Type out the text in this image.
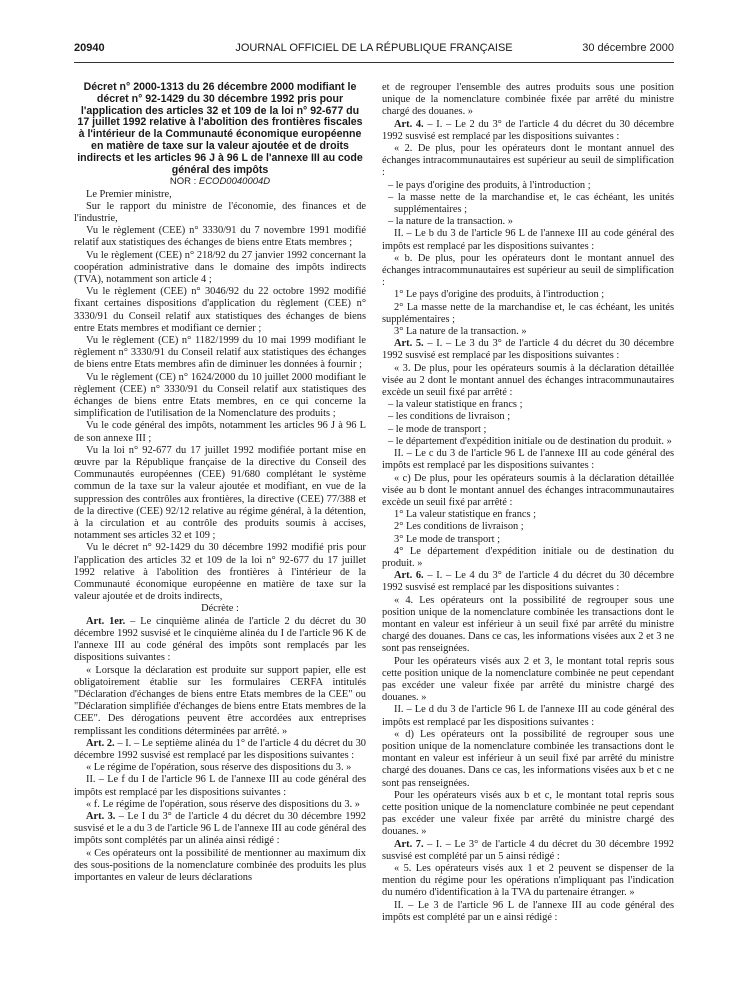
20940	JOURNAL OFFICIEL DE LA RÉPUBLIQUE FRANÇAISE	30 décembre 2000

Décret n° 2000-1313 du 26 décembre 2000 modifiant le décret n° 92-1429 du 30 décembre 1992 pris pour l'application des articles 32 et 109 de la loi n° 92-677 du 17 juillet 1992 relative à l'abolition des frontières fiscales à l'intérieur de la Communauté économique européenne en matière de taxe sur la valeur ajoutée et de droits indirects et les articles 96 J à 96 L de l'annexe III au code général des impôts

NOR : ECOD0040004D

Le Premier ministre,

Sur le rapport du ministre de l'économie, des finances et de l'industrie,

Vu le règlement (CEE) n° 3330/91 du 7 novembre 1991 modifié relatif aux statistiques des échanges de biens entre Etats membres ;

Vu le règlement (CEE) n° 218/92 du 27 janvier 1992 concernant la coopération administrative dans le domaine des impôts indirects (TVA), notamment son article 4 ;

Vu le règlement (CEE) n° 3046/92 du 22 octobre 1992 modifié fixant certaines dispositions d'application du règlement (CEE) n° 3330/91 du Conseil relatif aux statistiques des échanges de biens entre Etats membres et modifiant ce dernier ;

Vu le règlement (CE) n° 1182/1999 du 10 mai 1999 modifiant le règlement n° 3330/91 du Conseil relatif aux statistiques des échanges de biens entre Etats membres afin de diminuer les données à fournir ;

Vu le règlement (CE) n° 1624/2000 du 10 juillet 2000 modifiant le règlement (CEE) n° 3330/91 du Conseil relatif aux statistiques des échanges de biens entre Etats membres, en ce qui concerne la simplification de l'utilisation de la Nomenclature des produits ;

Vu le code général des impôts, notamment les articles 96 J à 96 L de son annexe III ;

Vu la loi n° 92-677 du 17 juillet 1992 modifiée portant mise en œuvre par la République française de la directive du Conseil des Communautés européennes (CEE) 91/680 complétant le système commun de la taxe sur la valeur ajoutée et modifiant, en vue de la suppression des contrôles aux frontières, la directive (CEE) 77/388 et de la directive (CEE) 92/12 relative au régime général, à la détention, à la circulation et au contrôle des produits soumis à accises, notamment ses articles 32 et 109 ;

Vu le décret n° 92-1429 du 30 décembre 1992 modifié pris pour l'application des articles 32 et 109 de la loi n° 92-677 du 17 juillet 1992 relative à l'abolition des frontières à l'intérieur de la Communauté économique européenne en matière de taxe sur la valeur ajoutée et de droits indirects,

Décrète :

Art. 1er. – Le cinquième alinéa de l'article 2 du décret du 30 décembre 1992 susvisé et le cinquième alinéa du I de l'article 96 K de l'annexe III au code général des impôts sont remplacés par les dispositions suivantes :

« Lorsque la déclaration est produite sur support papier, elle est obligatoirement établie sur les formulaires CERFA intitulés "Déclaration d'échanges de biens entre Etats membres de la CEE" ou "Déclaration simplifiée d'échanges de biens entre Etats membres de la CEE". Des dérogations peuvent être accordées aux entreprises remplissant les conditions déterminées par arrêté. »

Art. 2. – I. – Le septième alinéa du 1° de l'article 4 du décret du 30 décembre 1992 susvisé est remplacé par les dispositions suivantes :

« Le régime de l'opération, sous réserve des dispositions du 3. »

II. – Le f du I de l'article 96 L de l'annexe III au code général des impôts est remplacé par les dispositions suivantes :

« f. Le régime de l'opération, sous réserve des dispositions du 3. »

Art. 3. – Le I du 3° de l'article 4 du décret du 30 décembre 1992 susvisé et le a du 3 de l'article 96 L de l'annexe III au code général des impôts sont complétés par un alinéa ainsi rédigé :

« Ces opérateurs ont la possibilité de mentionner au maximum dix des sous-positions de la nomenclature combinée des produits les plus importantes en valeur de leurs déclarations

et de regrouper l'ensemble des autres produits sous une position unique de la nomenclature combinée fixée par arrêté du ministre chargé des douanes. »

Art. 4. – I. – Le 2 du 3° de l'article 4 du décret du 30 décembre 1992 susvisé est remplacé par les dispositions suivantes :

« 2. De plus, pour les opérateurs dont le montant annuel des échanges intracommunautaires est supérieur au seuil de simplification :

– le pays d'origine des produits, à l'introduction ;

– la masse nette de la marchandise et, le cas échéant, les unités supplémentaires ;

– la nature de la transaction. »

II. – Le b du 3 de l'article 96 L de l'annexe III au code général des impôts est remplacé par les dispositions suivantes :

« b. De plus, pour les opérateurs dont le montant annuel des échanges intracommunautaires est supérieur au seuil de simplification :

1° Le pays d'origine des produits, à l'introduction ;

2° La masse nette de la marchandise et, le cas échéant, les unités supplémentaires ;

3° La nature de la transaction. »

Art. 5. – I. – Le 3 du 3° de l'article 4 du décret du 30 décembre 1992 susvisé est remplacé par les dispositions suivantes :

« 3. De plus, pour les opérateurs soumis à la déclaration détaillée visée au 2 dont le montant annuel des échanges intracommunautaires excède un seuil fixé par arrêté :

– la valeur statistique en francs ;

– les conditions de livraison ;

– le mode de transport ;

– le département d'expédition initiale ou de destination du produit. »

II. – Le c du 3 de l'article 96 L de l'annexe III au code général des impôts est remplacé par les dispositions suivantes :

« c) De plus, pour les opérateurs soumis à la déclaration détaillée visée au b dont le montant annuel des échanges intracommunautaires excède un seuil fixé par arrêté :

1° La valeur statistique en francs ;

2° Les conditions de livraison ;

3° Le mode de transport ;

4° Le département d'expédition initiale ou de destination du produit. »

Art. 6. – I. – Le 4 du 3° de l'article 4 du décret du 30 décembre 1992 susvisé est remplacé par les dispositions suivantes :

« 4. Les opérateurs ont la possibilité de regrouper sous une position unique de la nomenclature combinée les transactions dont le montant en valeur est inférieur à un seuil fixé par arrêté du ministre chargé des douanes. Dans ce cas, les informations visées aux 2 et 3 ne sont pas renseignées.

Pour les opérateurs visés aux 2 et 3, le montant total repris sous cette position unique de la nomenclature combinée ne peut cependant pas excéder une valeur fixée par arrêté du ministre chargé des douanes. »

II. – Le d du 3 de l'article 96 L de l'annexe III au code général des impôts est remplacé par les dispositions suivantes :

« d) Les opérateurs ont la possibilité de regrouper sous une position unique de la nomenclature combinée les transactions dont le montant en valeur est inférieur à un seuil fixé par arrêté du ministre chargé des douanes. Dans ce cas, les informations visées aux b et c ne sont pas renseignées.

Pour les opérateurs visés aux b et c, le montant total repris sous cette position unique de la nomenclature combinée ne peut cependant pas excéder une valeur fixée par arrêté du ministre chargé des douanes. »

Art. 7. – I. – Le 3° de l'article 4 du décret du 30 décembre 1992 susvisé est complété par un 5 ainsi rédigé :

« 5. Les opérateurs visés aux 1 et 2 peuvent se dispenser de la mention du régime pour les opérations n'impliquant pas l'indication du numéro d'identification à la TVA du partenaire étranger. »

II. – Le 3 de l'article 96 L de l'annexe III au code général des impôts est complété par un e ainsi rédigé :
